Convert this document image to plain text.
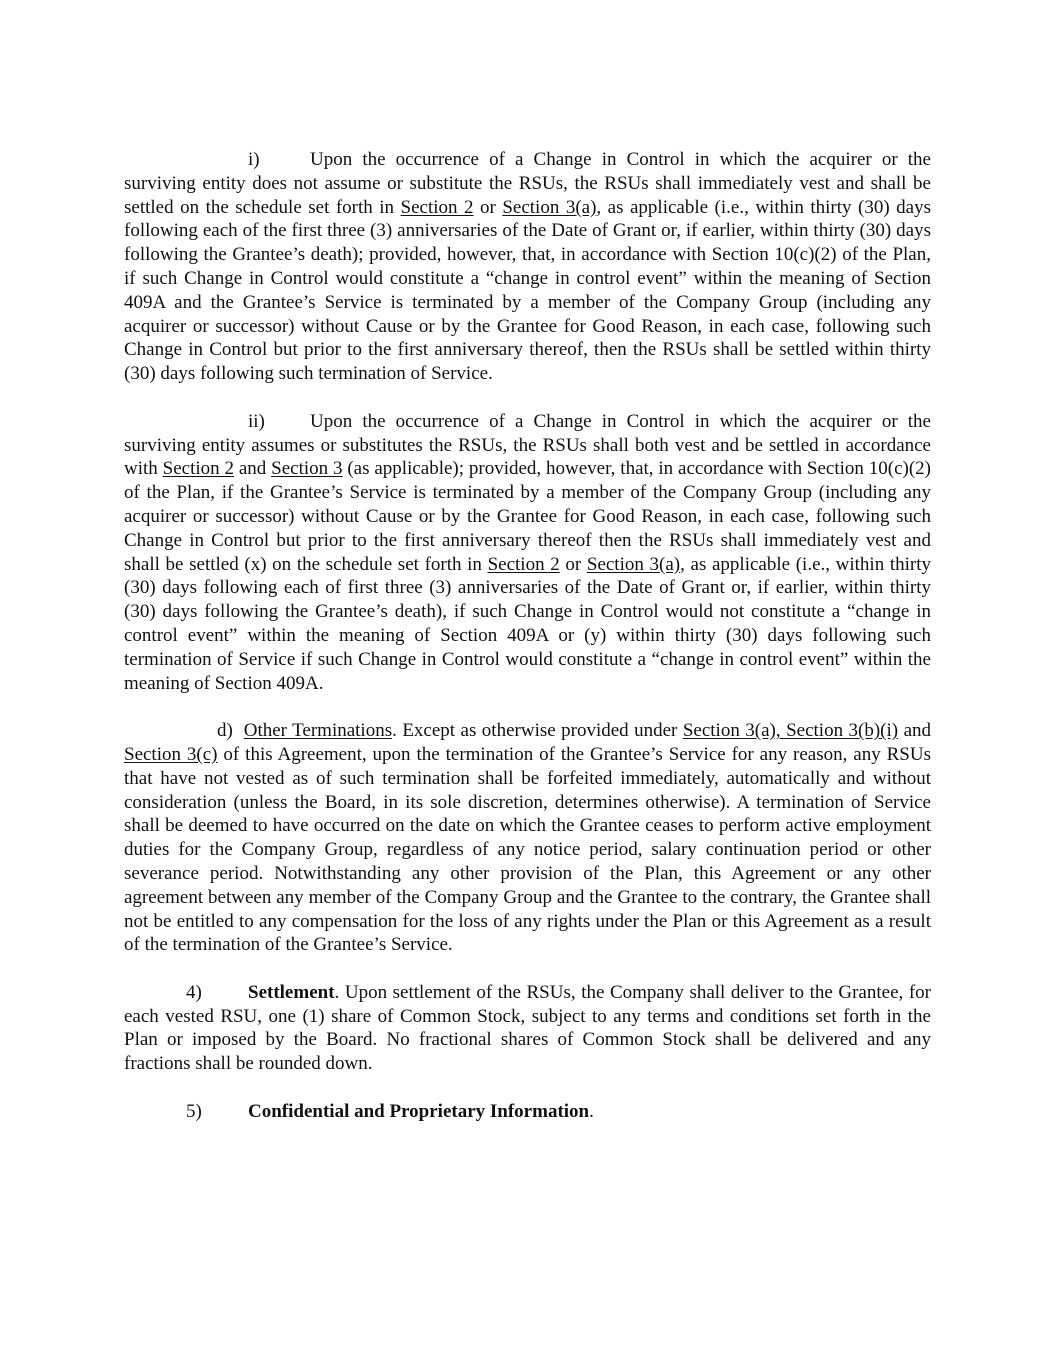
i)	Upon the occurrence of a Change in Control in which the acquirer or the surviving entity does not assume or substitute the RSUs, the RSUs shall immediately vest and shall be settled on the schedule set forth in Section 2 or Section 3(a), as applicable (i.e., within thirty (30) days following each of the first three (3) anniversaries of the Date of Grant or, if earlier, within thirty (30) days following the Grantee’s death); provided, however, that, in accordance with Section 10(c)(2) of the Plan, if such Change in Control would constitute a “change in control event” within the meaning of Section 409A and the Grantee’s Service is terminated by a member of the Company Group (including any acquirer or successor) without Cause or by the Grantee for Good Reason, in each case, following such Change in Control but prior to the first anniversary thereof, then the RSUs shall be settled within thirty (30) days following such termination of Service.

ii) Upon the occurrence of a Change in Control in which the acquirer or the surviving entity assumes or substitutes the RSUs, the RSUs shall both vest and be settled in accordance with Section 2 and Section 3 (as applicable); provided, however, that, in accordance with Section 10(c)(2) of the Plan, if the Grantee’s Service is terminated by a member of the Company Group (including any acquirer or successor) without Cause or by the Grantee for Good Reason, in each case, following such Change in Control but prior to the first anniversary thereof then the RSUs shall immediately vest and shall be settled (x) on the schedule set forth in Section 2 or Section 3(a), as applicable (i.e., within thirty (30) days following each of first three (3) anniversaries of the Date of Grant or, if earlier, within thirty (30) days following the Grantee’s death), if such Change in Control would not constitute a “change in control event” within the meaning of Section 409A or (y) within thirty (30) days following such termination of Service if such Change in Control would constitute a “change in control event” within the meaning of Section 409A.

d) Other Terminations. Except as otherwise provided under Section 3(a), Section 3(b)(i) and Section 3(c) of this Agreement, upon the termination of the Grantee’s Service for any reason, any RSUs that have not vested as of such termination shall be forfeited immediately, automatically and without consideration (unless the Board, in its sole discretion, determines otherwise). A termination of Service shall be deemed to have occurred on the date on which the Grantee ceases to perform active employment duties for the Company Group, regardless of any notice period, salary continuation period or other severance period. Notwithstanding any other provision of the Plan, this Agreement or any other agreement between any member of the Company Group and the Grantee to the contrary, the Grantee shall not be entitled to any compensation for the loss of any rights under the Plan or this Agreement as a result of the termination of the Grantee’s Service.

4) Settlement. Upon settlement of the RSUs, the Company shall deliver to the Grantee, for each vested RSU, one (1) share of Common Stock, subject to any terms and conditions set forth in the Plan or imposed by the Board. No fractional shares of Common Stock shall be delivered and any fractions shall be rounded down.

5) Confidential and Proprietary Information.
